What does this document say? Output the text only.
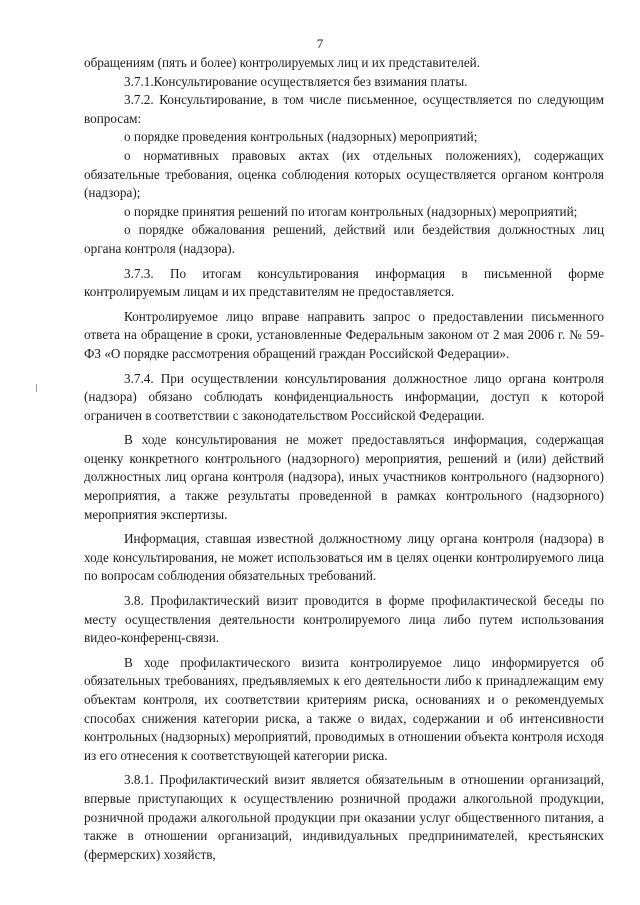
7

обращениям (пять и более) контролируемых лиц и их представителей.

3.7.1.Консультирование осуществляется без взимания платы.

3.7.2. Консультирование, в том числе письменное, осуществляется по следующим вопросам:

о порядке проведения контрольных (надзорных) мероприятий;

о нормативных правовых актах (их отдельных положениях), содержащих обязательные требования, оценка соблюдения которых осуществляется органом контроля (надзора);

о порядке принятия решений по итогам контрольных (надзорных) мероприятий;

о порядке обжалования решений, действий или бездействия должностных лиц органа контроля (надзора).

3.7.3. По итогам консультирования информация в письменной форме контролируемым лицам и их представителям не предоставляется.

Контролируемое лицо вправе направить запрос о предоставлении письменного ответа на обращение в сроки, установленные Федеральным законом от 2 мая 2006 г. № 59-ФЗ «О порядке рассмотрения обращений граждан Российской Федерации».

3.7.4. При осуществлении консультирования должностное лицо органа контроля (надзора) обязано соблюдать конфиденциальность информации, доступ к которой ограничен в соответствии с законодательством Российской Федерации.

В ходе консультирования не может предоставляться информация, содержащая оценку конкретного контрольного (надзорного) мероприятия, решений и (или) действий должностных лиц органа контроля (надзора), иных участников контрольного (надзорного) мероприятия, а также результаты проведенной в рамках контрольного (надзорного) мероприятия экспертизы.

Информация, ставшая известной должностному лицу органа контроля (надзора) в ходе консультирования, не может использоваться им в целях оценки контролируемого лица по вопросам соблюдения обязательных требований.

3.8. Профилактический визит проводится в форме профилактической беседы по месту осуществления деятельности контролируемого лица либо путем использования видео-конференц-связи.

В ходе профилактического визита контролируемое лицо информируется об обязательных требованиях, предъявляемых к его деятельности либо к принадлежащим ему объектам контроля, их соответствии критериям риска, основаниях и о рекомендуемых способах снижения категории риска, а также о видах, содержании и об интенсивности контрольных (надзорных) мероприятий, проводимых в отношении объекта контроля исходя из его отнесения к соответствующей категории риска.

3.8.1. Профилактический визит является обязательным в отношении организаций, впервые приступающих к осуществлению розничной продажи алкогольной продукции, розничной продажи алкогольной продукции при оказании услуг общественного питания, а также в отношении организаций, индивидуальных предпринимателей, крестьянских (фермерских) хозяйств,
